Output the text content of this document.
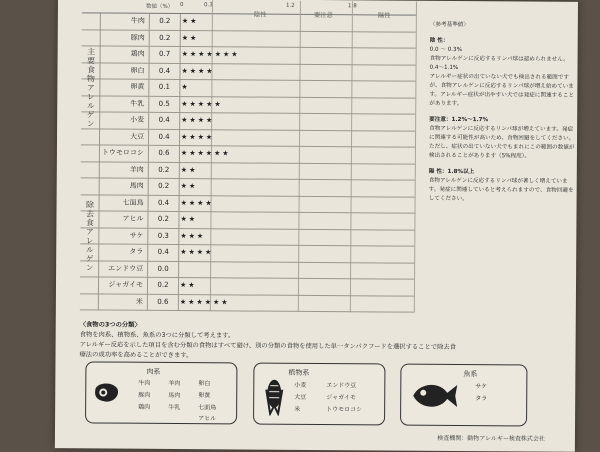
数値（%） 0	0.3	1.2	1.8
陰性	要注意	陽性
牛肉	0.2	★★
豚肉	0.2	★★
鶏肉	0.7	★★★★★★★
卵白	0.4	★★★★
卵黄	0.1	★
牛乳	0.5	★★★★★
小麦	0.4	★★★★
大豆	0.4	★★★★
トウモロコシ	0.6	★★★★★★
主要食物アレルゲン
羊肉	0.2	★★
馬肉	0.2	★★
七面鳥	0.4	★★★★
アヒル	0.2	★★
サケ	0.3	★★★
タラ	0.4	★★★★
エンドウ豆	0.0
ジャガイモ	0.2	★★
米	0.6	★★★★★★
除去食アレルゲン

〈参考基準値〉

陰 性：

0.0 〜 0.3%

食物アレルゲンに反応するリンパ球は認められません。

0.4〜1.1%

アレルギー症状の出ていない犬でも検出される範囲ですが、食物アレルゲンに反応するリンパ球が増え始めています。アレルギー症状が出やすい犬では発症に関連することがあります。

要注意：1.2%〜1.7%

食物アレルゲンに反応するリンパ球が増えています。発症に関連する可能性が高いため、食物回避をしてください。ただし、症状の出ていない犬でもまれにこの範囲の数値が検出されることがあります（5%程度）。

陽 性：1.8%以上

食物アレルゲンに反応するリンパ球が著しく増えています。発症に関連していると考えられますので、食物回避をしてください。

〈食物の3つの分類〉
食物を肉系、植物系、魚系の3つに分類して考えます。
アレルギー反応を示した項目を含む分類の食物はすべて避け、別の分類の食物を使用した単一タンパクフードを選択することで除去食
療法の成功率を高めることができます。
肉系
牛肉	羊肉	卵白
豚肉	馬肉	卵黄
鶏肉	牛乳	七面鳥
アヒル
植物系
小麦	エンドウ豆
大豆	ジャガイモ
米	トウモロコシ
魚系
サケ
タラ
検査機関：動物アレルギー検査株式会社
